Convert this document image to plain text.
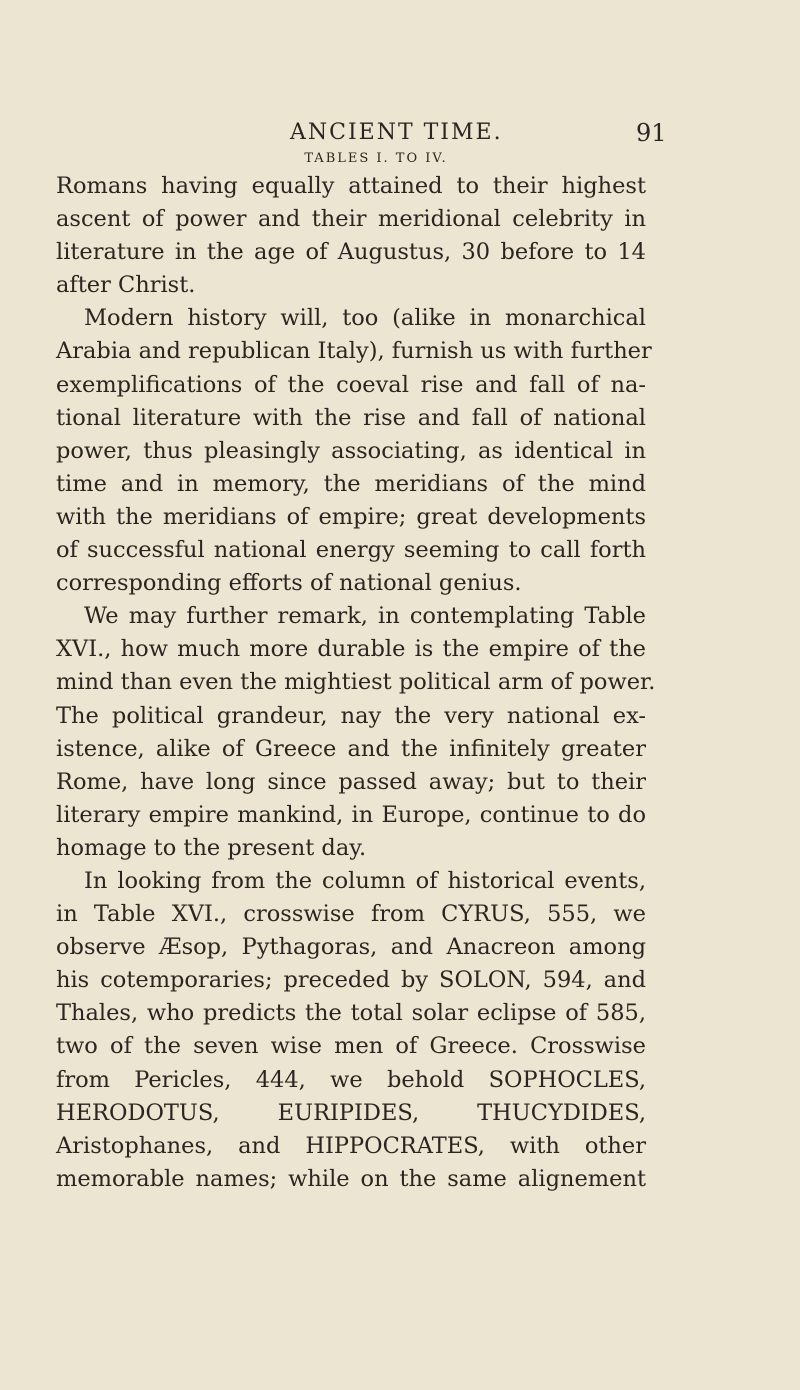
ANCIENT TIME.	91
TABLES I. TO IV.
Romans having equally attained to their highest
ascent of power and their meridional celebrity in
literature in the age of Augustus, 30 before to 14
after Christ.
Modern history will, too (alike in monarchical
Arabia and republican Italy), furnish us with further
exemplifications of the coeval rise and fall of na-
tional literature with the rise and fall of national
power, thus pleasingly associating, as identical in
time and in memory, the meridians of the mind
with the meridians of empire; great developments
of successful national energy seeming to call forth
corresponding efforts of national genius.
We may further remark, in contemplating Table
XVI., how much more durable is the empire of the
mind than even the mightiest political arm of power.
The political grandeur, nay the very national ex-
istence, alike of Greece and the infinitely greater
Rome, have long since passed away; but to their
literary empire mankind, in Europe, continue to do
homage to the present day.
In looking from the column of historical events,
in Table XVI., crosswise from CYRUS, 555, we
observe Æsop, Pythagoras, and Anacreon among
his cotemporaries; preceded by SOLON, 594, and
Thales, who predicts the total solar eclipse of 585,
two of the seven wise men of Greece. Crosswise
from Pericles, 444, we behold SOPHOCLES,
HERODOTUS, EURIPIDES, THUCYDIDES,
Aristophanes, and HIPPOCRATES, with other
memorable names; while on the same alignement
